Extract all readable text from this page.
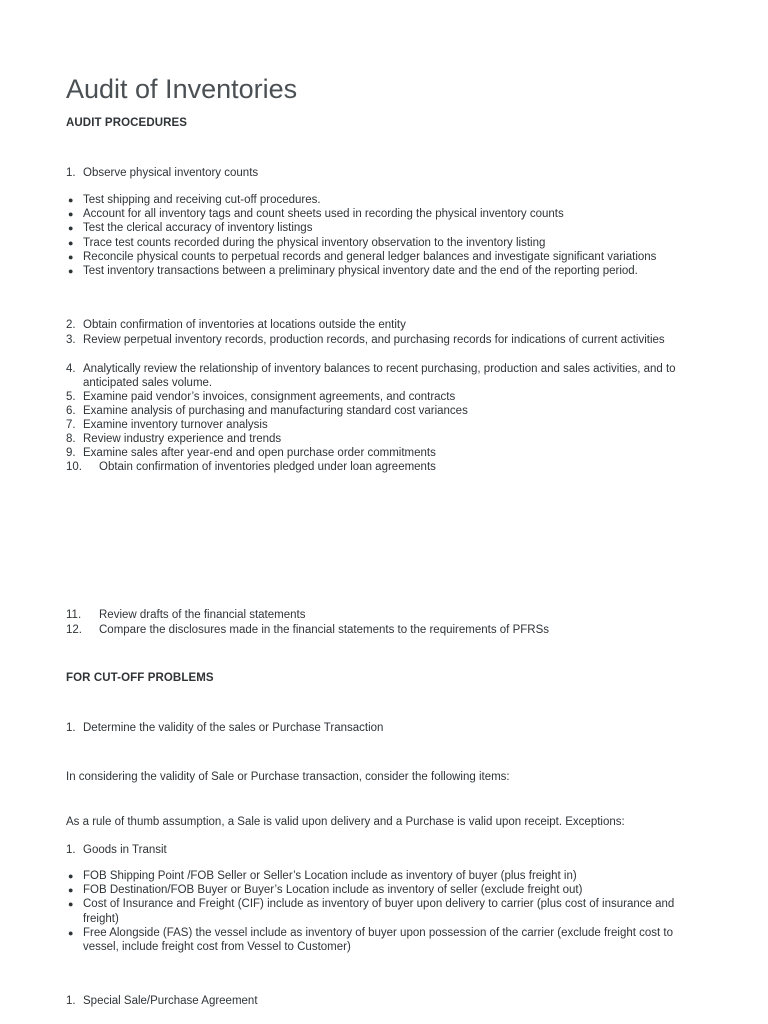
Audit of Inventories
AUDIT PROCEDURES
1. Observe physical inventory counts
● Test shipping and receiving cut-off procedures.
● Account for all inventory tags and count sheets used in recording the physical inventory counts
● Test the clerical accuracy of inventory listings
● Trace test counts recorded during the physical inventory observation to the inventory listing
● Reconcile physical counts to perpetual records and general ledger balances and investigate significant variations
● Test inventory transactions between a preliminary physical inventory date and the end of the reporting period.
2. Obtain confirmation of inventories at locations outside the entity
3. Review perpetual inventory records, production records, and purchasing records for indications of current activities
4. Analytically review the relationship of inventory balances to recent purchasing, production and sales activities, and to anticipated sales volume.
5. Examine paid vendor’s invoices, consignment agreements, and contracts
6. Examine analysis of purchasing and manufacturing standard cost variances
7. Examine inventory turnover analysis
8. Review industry experience and trends
9. Examine sales after year-end and open purchase order commitments
10. Obtain confirmation of inventories pledged under loan agreements
11. Review drafts of the financial statements
12. Compare the disclosures made in the financial statements to the requirements of PFRSs
FOR CUT-OFF PROBLEMS
1. Determine the validity of the sales or Purchase Transaction
In considering the validity of Sale or Purchase transaction, consider the following items:
As a rule of thumb assumption, a Sale is valid upon delivery and a Purchase is valid upon receipt. Exceptions:
1. Goods in Transit
● FOB Shipping Point /FOB Seller or Seller’s Location include as inventory of buyer (plus freight in)
● FOB Destination/FOB Buyer or Buyer’s Location include as inventory of seller (exclude freight out)
● Cost of Insurance and Freight (CIF) include as inventory of buyer upon delivery to carrier (plus cost of insurance and freight)
● Free Alongside (FAS) the vessel include as inventory of buyer upon possession of the carrier (exclude freight cost to vessel, include freight cost from Vessel to Customer)
1. Special Sale/Purchase Agreement
